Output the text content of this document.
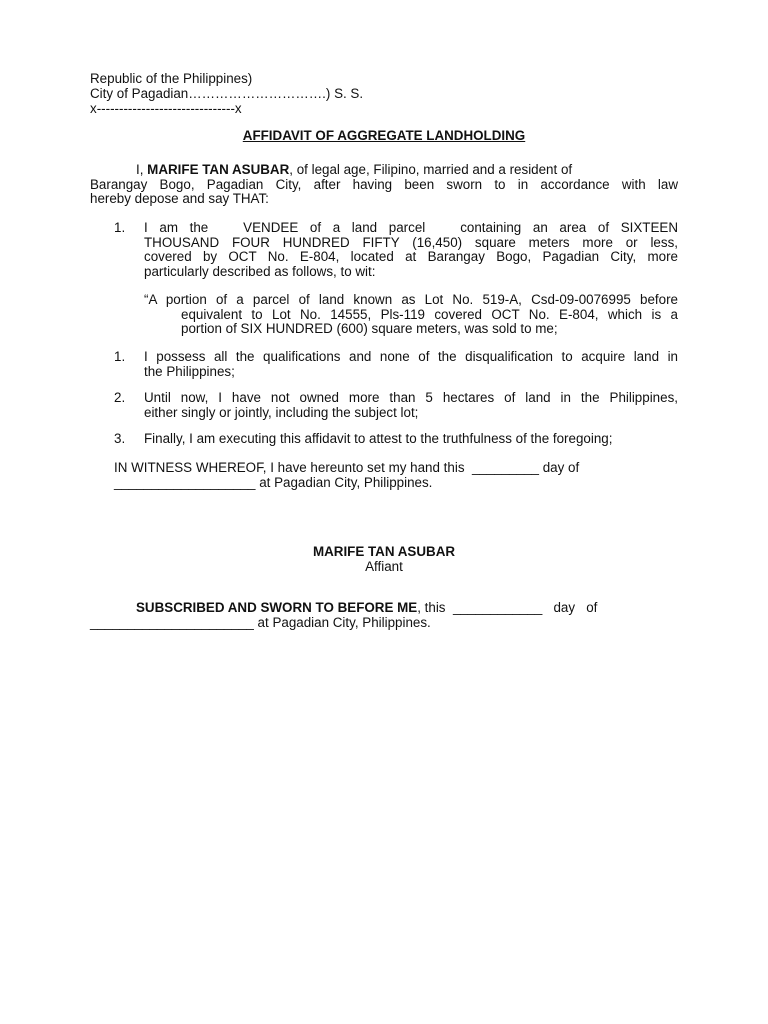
Republic of the Philippines)
City of Pagadian………………………….) S. S.
x-------------------------------x
AFFIDAVIT OF AGGREGATE LANDHOLDING
I, MARIFE TAN ASUBAR, of legal age, Filipino, married and a resident of
Barangay Bogo, Pagadian City, after having been sworn to in accordance with law
hereby depose and say THAT:
1. I am the   VENDEE of a land parcel   containing an area of SIXTEEN
THOUSAND FOUR HUNDRED FIFTY (16,450) square meters more or less,
covered by OCT No. E-804, located at Barangay Bogo, Pagadian City, more
particularly described as follows, to wit:
“A portion of a parcel of land known as Lot No. 519-A, Csd-09-0076995 before
equivalent to Lot No. 14555, Pls-119 covered OCT No. E-804, which is a
portion of SIX HUNDRED (600) square meters, was sold to me;
1. I possess all the qualifications and none of the disqualification to acquire land in
the Philippines;
2. Until now, I have not owned more than 5 hectares of land in the Philippines,
either singly or jointly, including the subject lot;
3. Finally, I am executing this affidavit to attest to the truthfulness of the foregoing;
IN WITNESS WHEREOF, I have hereunto set my hand this  _________ day of
___________________ at Pagadian City, Philippines.
MARIFE TAN ASUBAR
Affiant
SUBSCRIBED AND SWORN TO BEFORE ME, this  ____________   day   of
______________________ at Pagadian City, Philippines.
